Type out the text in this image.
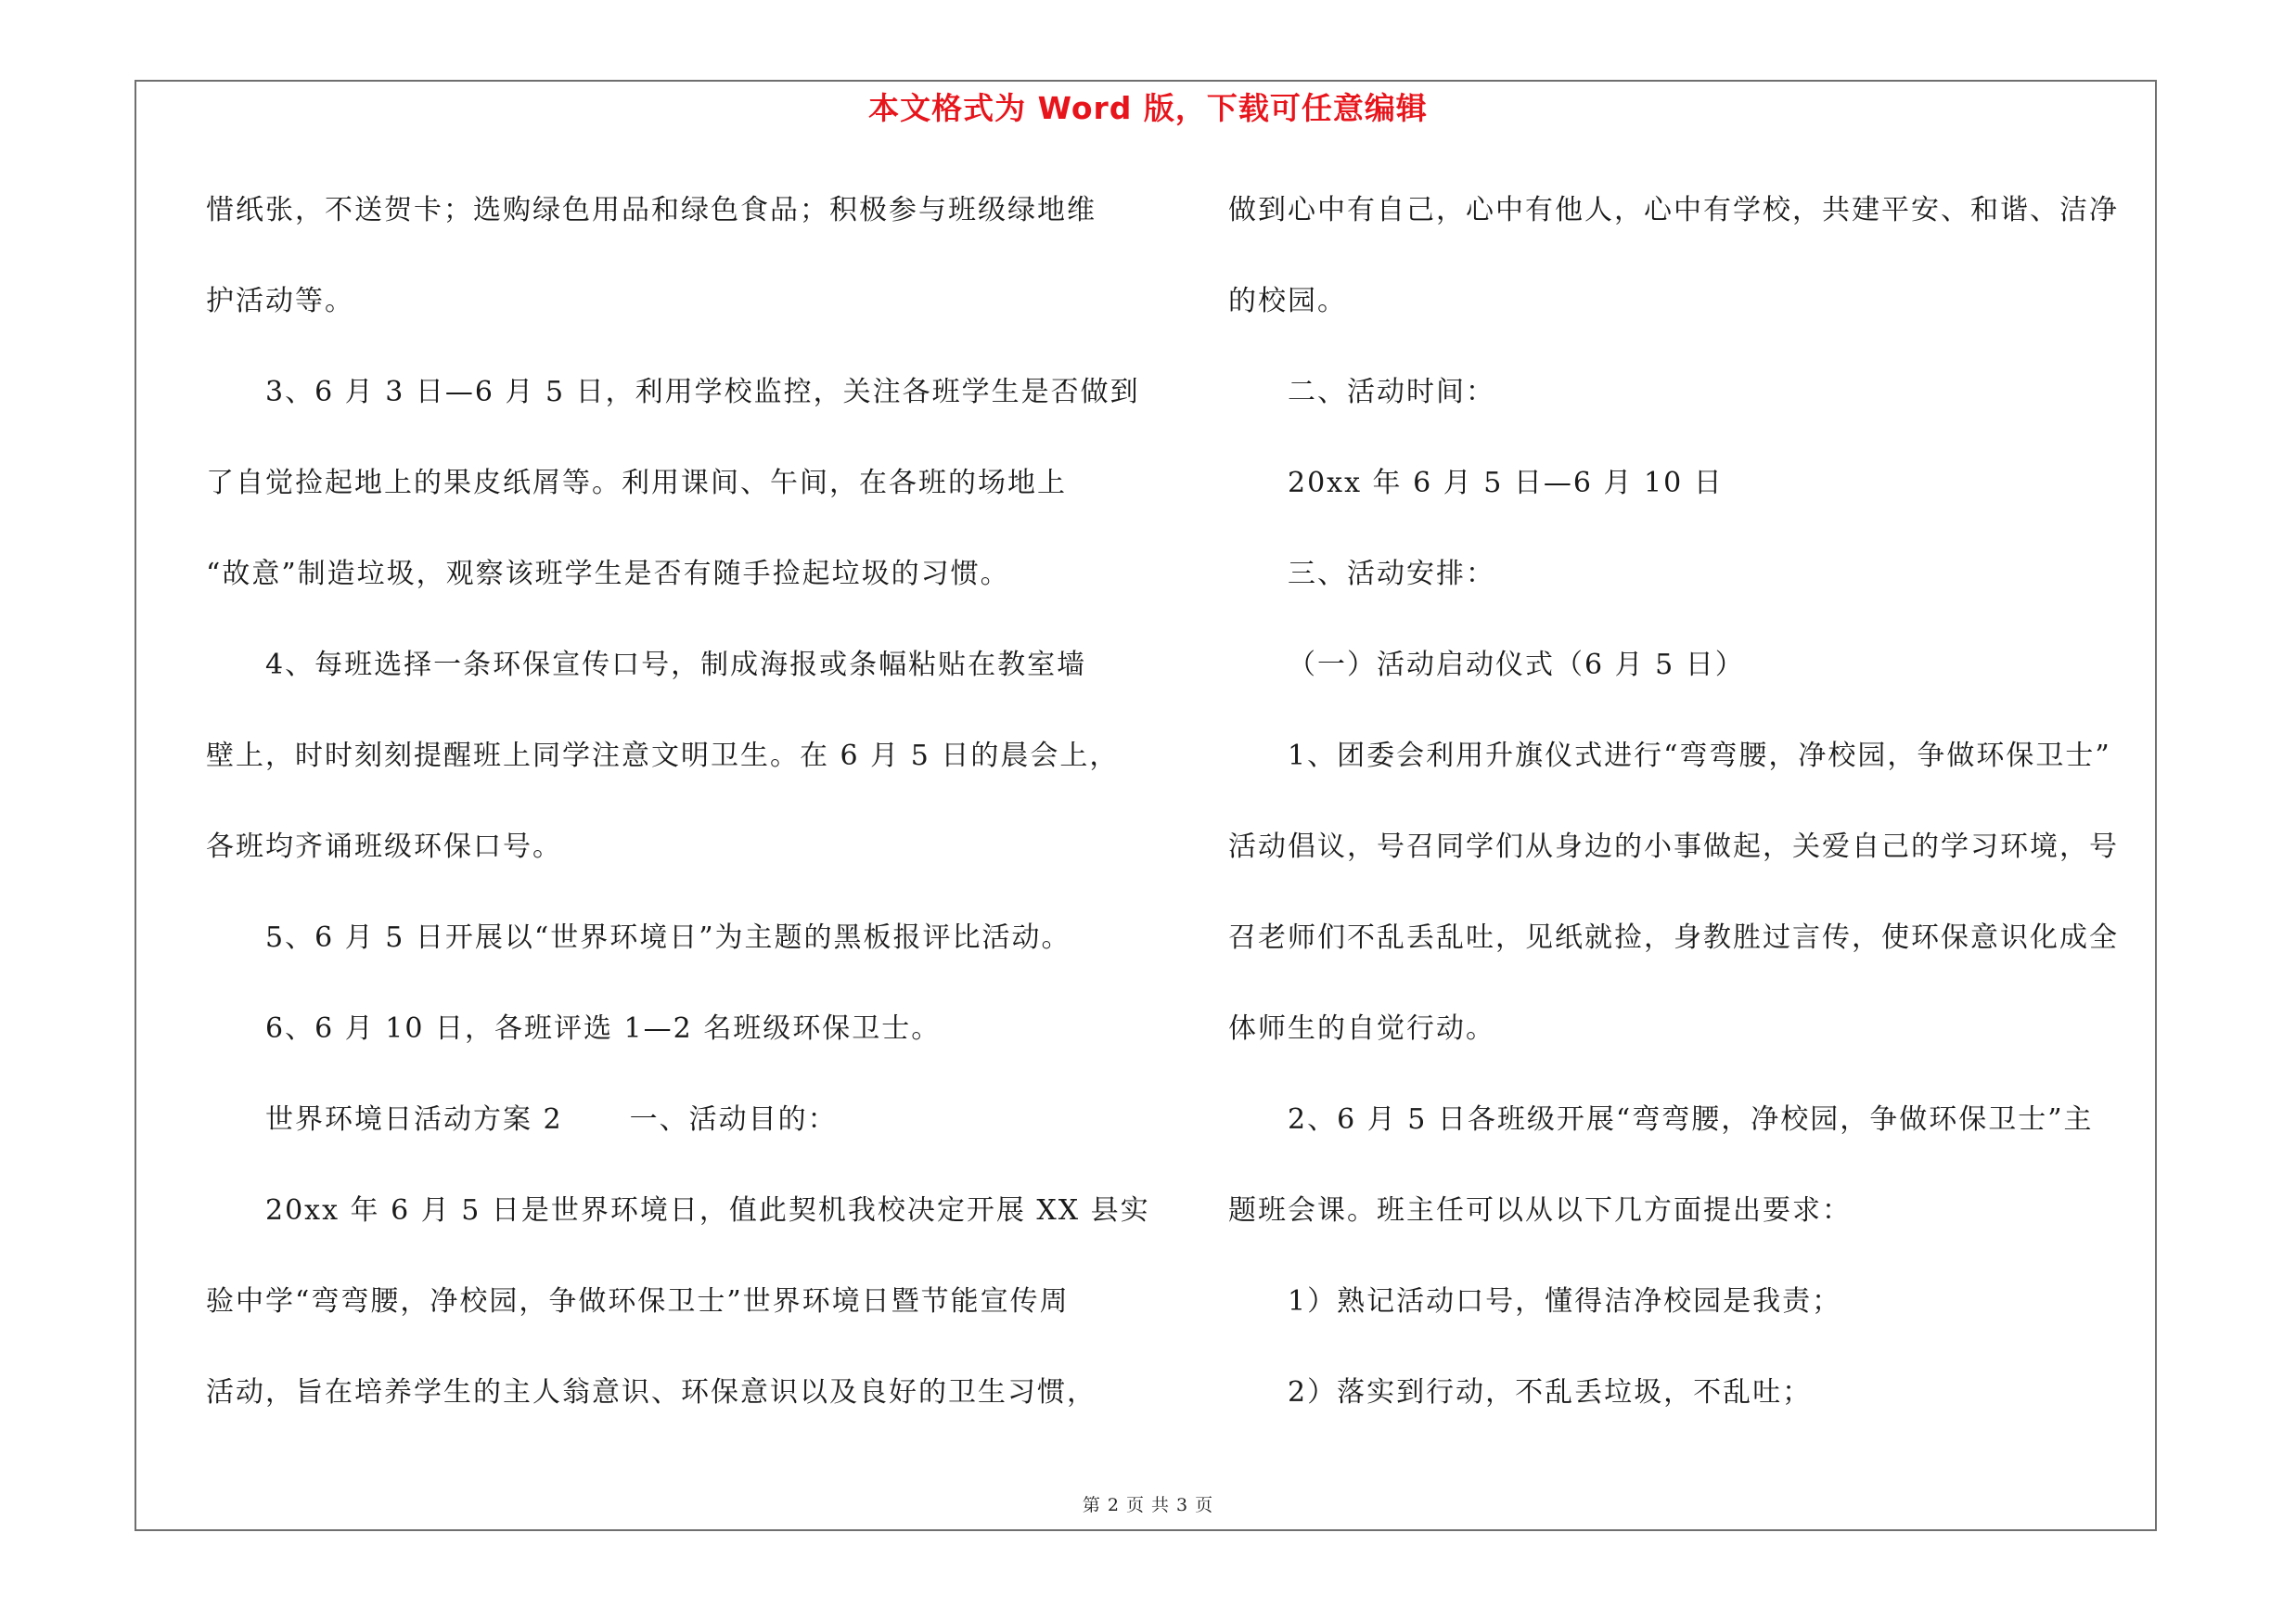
本文格式为 Word 版，下载可任意编辑
惜纸张，不送贺卡；选购绿色用品和绿色食品；积极参与班级绿地维
护活动等。
3、6 月 3 日—6 月 5 日，利用学校监控，关注各班学生是否做到
了自觉捡起地上的果皮纸屑等。利用课间、午间，在各班的场地上
“故意”制造垃圾，观察该班学生是否有随手捡起垃圾的习惯。
4、每班选择一条环保宣传口号，制成海报或条幅粘贴在教室墙
壁上，时时刻刻提醒班上同学注意文明卫生。在 6 月 5 日的晨会上，
各班均齐诵班级环保口号。
5、6 月 5 日开展以“世界环境日”为主题的黑板报评比活动。
6、6 月 10 日，各班评选 1—2 名班级环保卫士。
世界环境日活动方案 2 一、活动目的：
20xx 年 6 月 5 日是世界环境日，值此契机我校决定开展 XX 县实
验中学“弯弯腰，净校园，争做环保卫士”世界环境日暨节能宣传周
活动，旨在培养学生的主人翁意识、环保意识以及良好的卫生习惯，
做到心中有自己，心中有他人，心中有学校，共建平安、和谐、洁净
的校园。
二、活动时间：
20xx 年 6 月 5 日—6 月 10 日
三、活动安排：
（一）活动启动仪式（6 月 5 日）
1、团委会利用升旗仪式进行“弯弯腰，净校园，争做环保卫士”
活动倡议，号召同学们从身边的小事做起，关爱自己的学习环境，号
召老师们不乱丢乱吐，见纸就捡，身教胜过言传，使环保意识化成全
体师生的自觉行动。
2、6 月 5 日各班级开展“弯弯腰，净校园，争做环保卫士”主
题班会课。班主任可以从以下几方面提出要求：
1）熟记活动口号，懂得洁净校园是我责；
2）落实到行动，不乱丢垃圾，不乱吐；
第 2 页 共 3 页
